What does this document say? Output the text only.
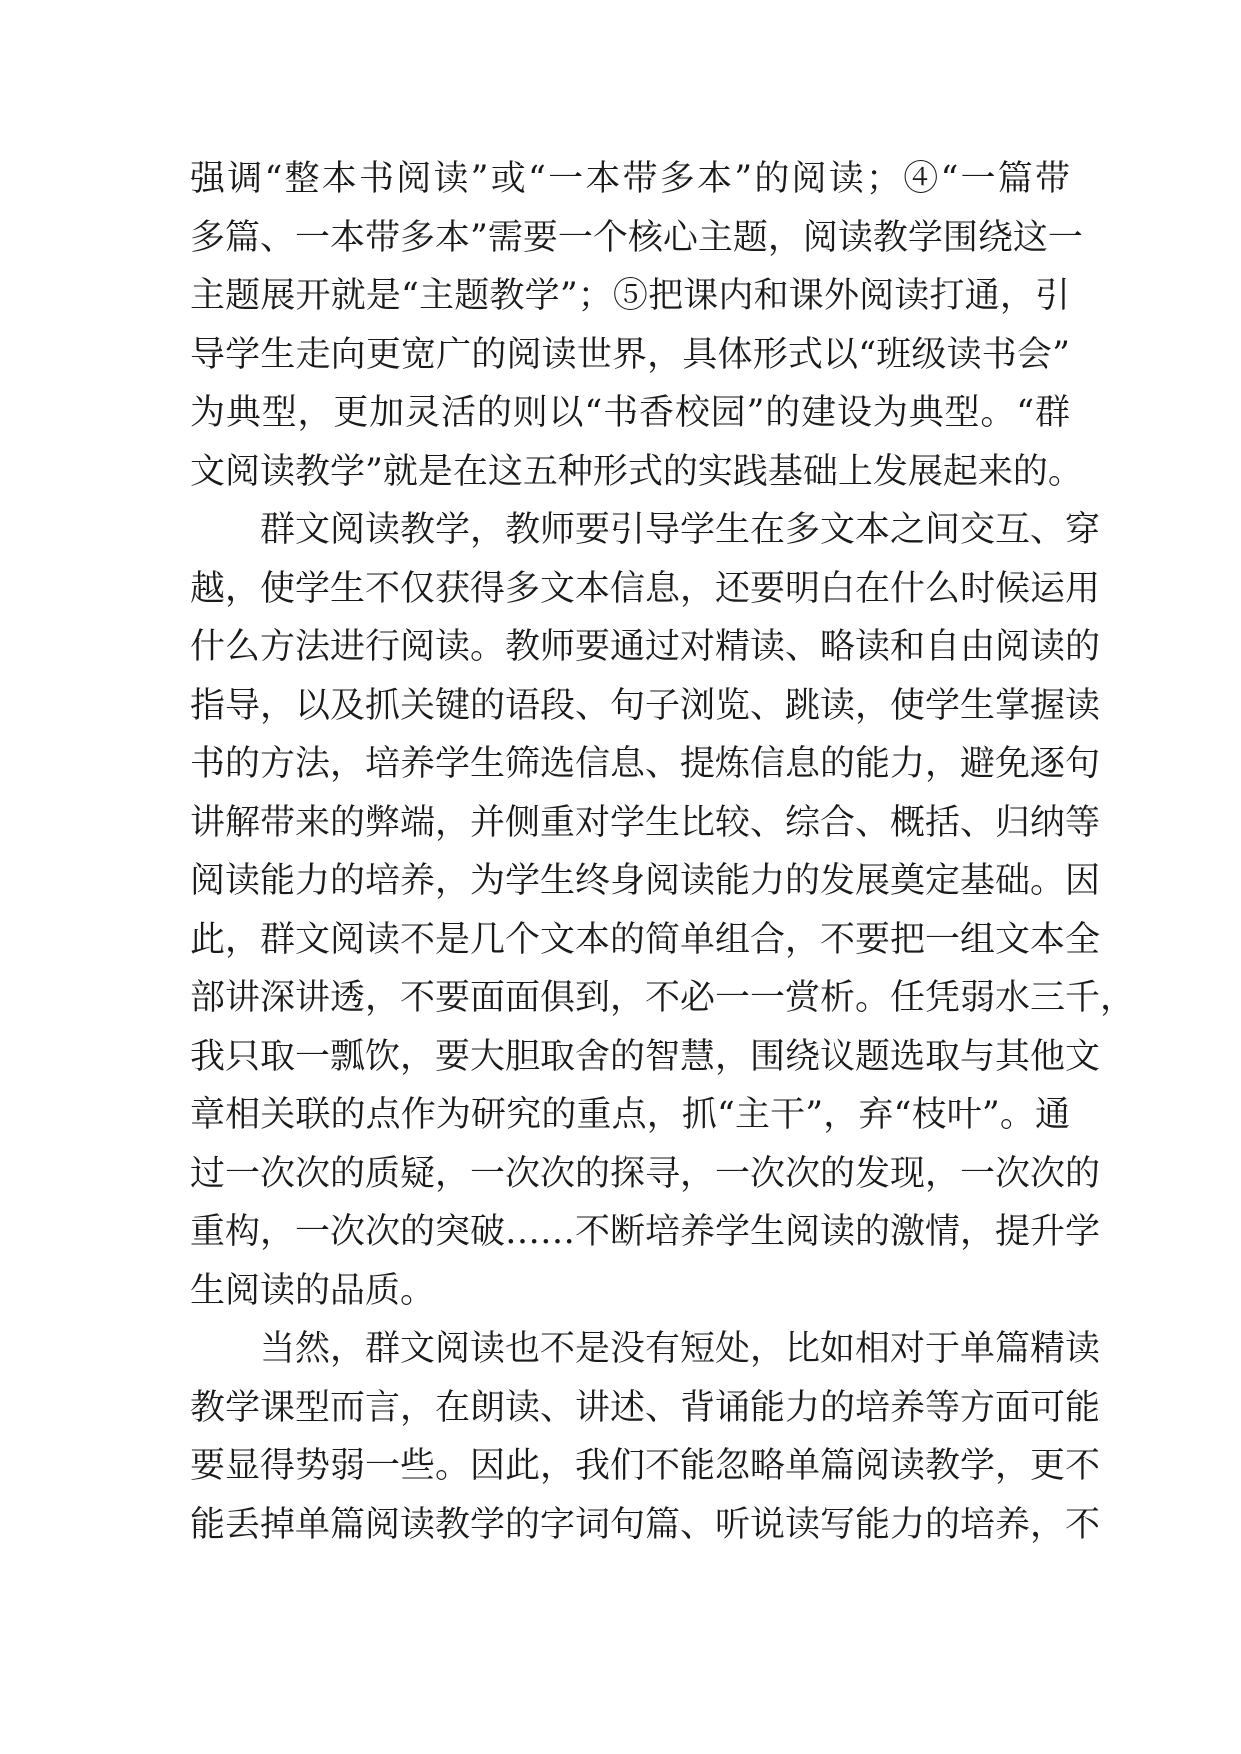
强调“整本书阅读”或“一本带多本”的阅读；④“一篇带
多篇、一本带多本”需要一个核心主题，阅读教学围绕这一
主题展开就是“主题教学”；⑤把课内和课外阅读打通，引
导学生走向更宽广的阅读世界，具体形式以“班级读书会”
为典型，更加灵活的则以“书香校园”的建设为典型。“群
文阅读教学”就是在这五种形式的实践基础上发展起来的。
群文阅读教学，教师要引导学生在多文本之间交互、穿
越，使学生不仅获得多文本信息，还要明白在什么时候运用
什么方法进行阅读。教师要通过对精读、略读和自由阅读的
指导，以及抓关键的语段、句子浏览、跳读，使学生掌握读
书的方法，培养学生筛选信息、提炼信息的能力，避免逐句
讲解带来的弊端，并侧重对学生比较、综合、概括、归纳等
阅读能力的培养，为学生终身阅读能力的发展奠定基础。因
此，群文阅读不是几个文本的简单组合，不要把一组文本全
部讲深讲透，不要面面俱到，不必一一赏析。任凭弱水三千，
我只取一瓢饮，要大胆取舍的智慧，围绕议题选取与其他文
章相关联的点作为研究的重点，抓“主干”，弃“枝叶”。通
过一次次的质疑，一次次的探寻，一次次的发现，一次次的
重构，一次次的突破……不断培养学生阅读的激情，提升学
生阅读的品质。
当然，群文阅读也不是没有短处，比如相对于单篇精读
教学课型而言，在朗读、讲述、背诵能力的培养等方面可能
要显得势弱一些。因此，我们不能忽略单篇阅读教学，更不
能丢掉单篇阅读教学的字词句篇、听说读写能力的培养，不
